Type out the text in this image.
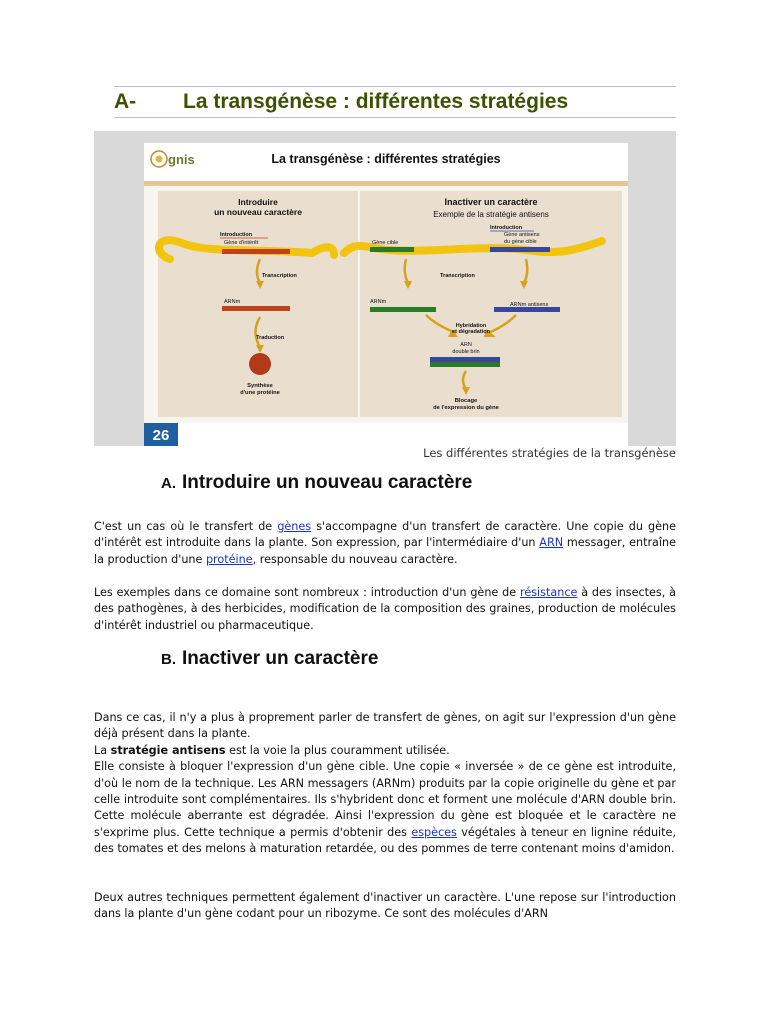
A- La transgénèse : différentes stratégies
gnis	La transgénèse : différentes stratégies
Introduire
un nouveau caractère
Introduction
Gène d'intérêt
Transcription
ARNm
Traduction
Synthèse
d'une protéine
Inactiver un caractère
Exemple de la stratégie antisens
Gène cible
Introduction
Gène antisens
du gène cible
Transcription
ARNm	ARNm antisens
Hybridation
et dégradation
ARN
double brin
Blocage
de l'expression du gène
26
Les différentes stratégies de la transgénèse
A. Introduire un nouveau caractère
C'est un cas où le transfert de gènes s'accompagne d'un transfert de caractère. Une copie du gène d'intérêt est introduite dans la plante. Son expression, par l'intermédiaire d'un ARN messager, entraîne la production d'une protéine, responsable du nouveau caractère.
Les exemples dans ce domaine sont nombreux : introduction d'un gène de résistance à des insectes, à des pathogènes, à des herbicides, modification de la composition des graines, production de molécules d'intérêt industriel ou pharmaceutique.
B. Inactiver un caractère
Dans ce cas, il n'y a plus à proprement parler de transfert de gènes, on agit sur l'expression d'un gène déjà présent dans la plante.
La stratégie antisens est la voie la plus couramment utilisée.
Elle consiste à bloquer l'expression d'un gène cible. Une copie « inversée » de ce gène est introduite, d'où le nom de la technique. Les ARN messagers (ARNm) produits par la copie originelle du gène et par celle introduite sont complémentaires. Ils s'hybrident donc et forment une molécule d'ARN double brin. Cette molécule aberrante est dégradée. Ainsi l'expression du gène est bloquée et le caractère ne s'exprime plus. Cette technique a permis d'obtenir des espèces végétales à teneur en lignine réduite, des tomates et des melons à maturation retardée, ou des pommes de terre contenant moins d'amidon.
Deux autres techniques permettent également d'inactiver un caractère. L'une repose sur l'introduction dans la plante d'un gène codant pour un ribozyme. Ce sont des molécules d'ARN
